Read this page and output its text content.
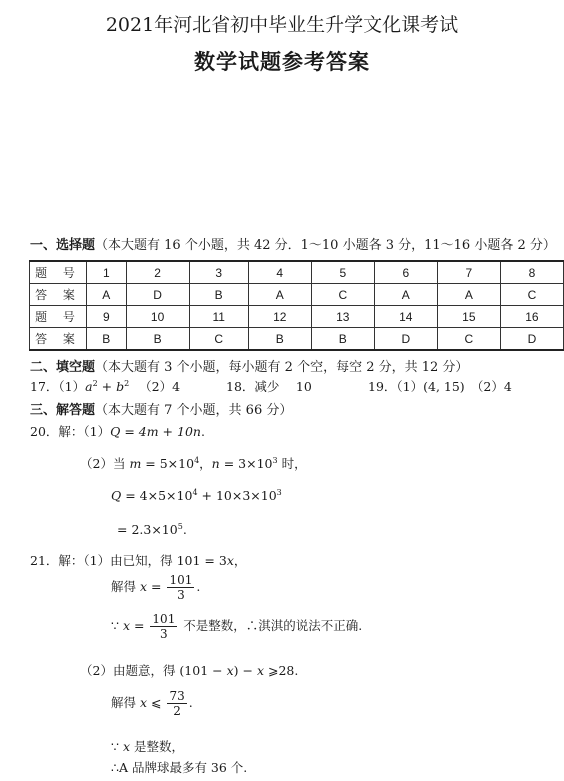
2021年河北省初中毕业生升学文化课考试
数学试题参考答案
一、选择题（本大题有 16 个小题，共 42 分．1～10 小题各 3 分，11～16 小题各 2 分）
题 号	1	2	3	4	5	6	7	8
答 案	A	D	B	A	C	A	A	C
题 号	9	10	11	12	13	14	15	16
答 案	B	B	C	B	B	D	C	D
二、填空题（本大题有 3 个小题，每小题有 2 个空，每空 2 分，共 12 分）
17．$(1)a^2 + b^2$ （2）4	18．减少　 10	19．（1）(4, 15)　（2）4
三、解答题（本大题有 7 个小题，共 66 分）
20．解：（1）Q = 4m + 10n.
（2）当 $m = 5\times 10^4$，$n = 3\times 10^3$ 时，
$Q = 4\times 5\times 10^4 + 10\times 3\times 10^3$
= $2.3\times 10^5$.
21．解：（1）由已知，得 101 = 3x，
解得 $x = \frac{101}{3}$ .
∵ $x = \frac{101}{3}$ 不是整数，∴淇淇的说法不正确.
（2）由题意，得 (101 − x) − x ⩾28.
解得 x ⩽ $\frac{73}{2}$ .
∵ x 是整数，
∴A 品牌球最多有 36 个.
